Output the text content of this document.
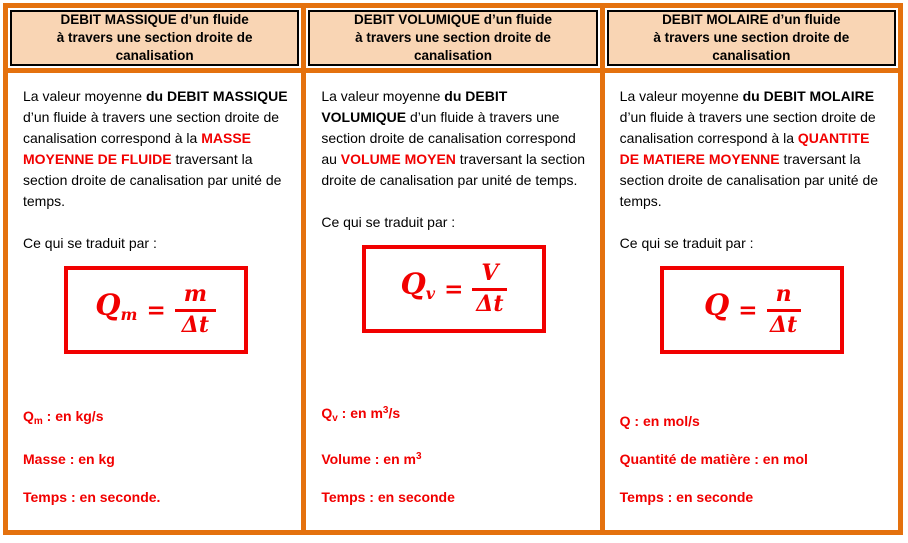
DEBIT MASSIQUE d’un fluide
à travers une section droite de
canalisation

La valeur moyenne du DEBIT MASSIQUE d’un fluide à travers une section droite de canalisation correspond à la MASSE MOYENNE DE FLUIDE traversant la section droite de canalisation par unité de temps.

Ce qui se traduit par :

$Qm = \frac{m}{\Delta t}$

$Q_m$ : en kg/s

Masse : en kg

Temps : en seconde.

DEBIT VOLUMIQUE d’un fluide
à travers une section droite de
canalisation

La valeur moyenne du DEBIT VOLUMIQUE d’un fluide à travers une section droite de canalisation correspond au VOLUME MOYEN traversant la section droite de canalisation par unité de temps.

Ce qui se traduit par :

$Qv = \frac{V}{\Delta t}$

$Q_v$ : en $m^3/s$

Volume : en $m^3$

Temps : en seconde

DEBIT MOLAIRE d’un fluide
à travers une section droite de
canalisation

La valeur moyenne du DEBIT MOLAIRE d’un fluide à travers une section droite de canalisation correspond à la QUANTITE DE MATIERE MOYENNE traversant la section droite de canalisation par unité de temps.

Ce qui se traduit par :

$Q = \frac{n}{\Delta t}$

Q : en mol/s

Quantité de matière : en mol

Temps : en seconde
